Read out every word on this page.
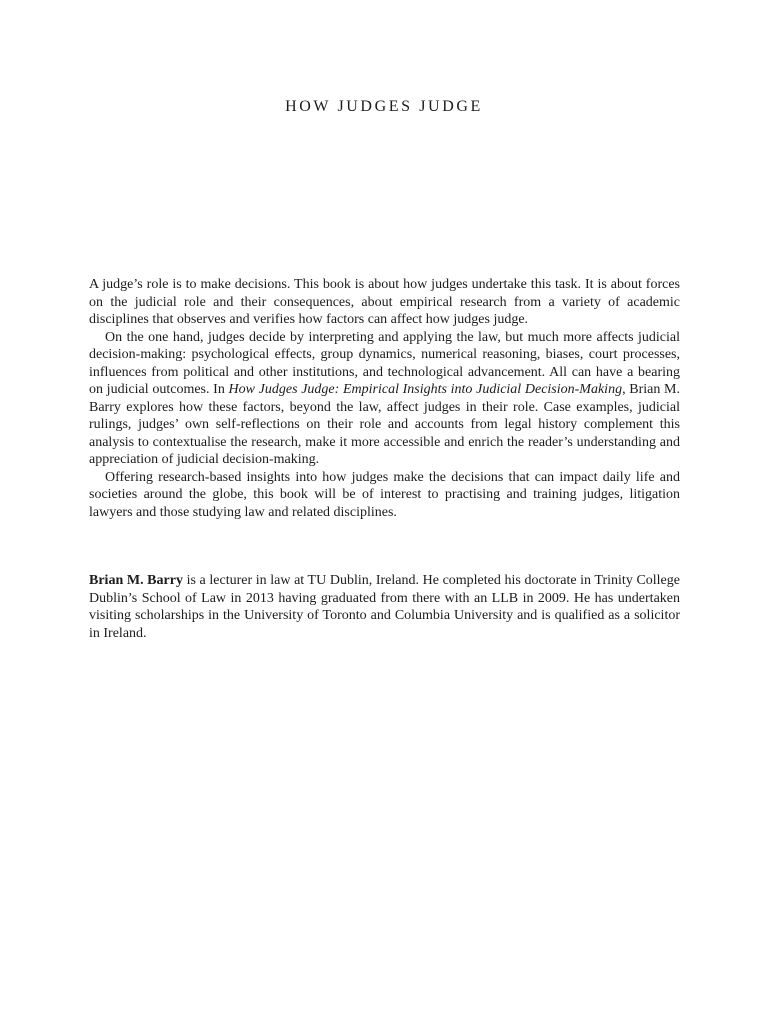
HOW JUDGES JUDGE

A judge’s role is to make decisions. This book is about how judges undertake this task. It is about forces on the judicial role and their consequences, about empirical research from a variety of academic disciplines that observes and verifies how factors can affect how judges judge.

On the one hand, judges decide by interpreting and applying the law, but much more affects judicial decision-making: psychological effects, group dynamics, numerical reasoning, biases, court processes, influences from political and other institutions, and technological advancement. All can have a bearing on judicial outcomes. In How Judges Judge: Empirical Insights into Judicial Decision-Making, Brian M. Barry explores how these factors, beyond the law, affect judges in their role. Case examples, judicial rulings, judges’ own self-reflections on their role and accounts from legal history complement this analysis to contextualise the research, make it more accessible and enrich the reader’s understanding and appreciation of judicial decision-making.

Offering research-based insights into how judges make the decisions that can impact daily life and societies around the globe, this book will be of interest to practising and training judges, litigation lawyers and those studying law and related disciplines.

Brian M. Barry is a lecturer in law at TU Dublin, Ireland. He completed his doctorate in Trinity College Dublin’s School of Law in 2013 having graduated from there with an LLB in 2009. He has undertaken visiting scholarships in the University of Toronto and Columbia University and is qualified as a solicitor in Ireland.
